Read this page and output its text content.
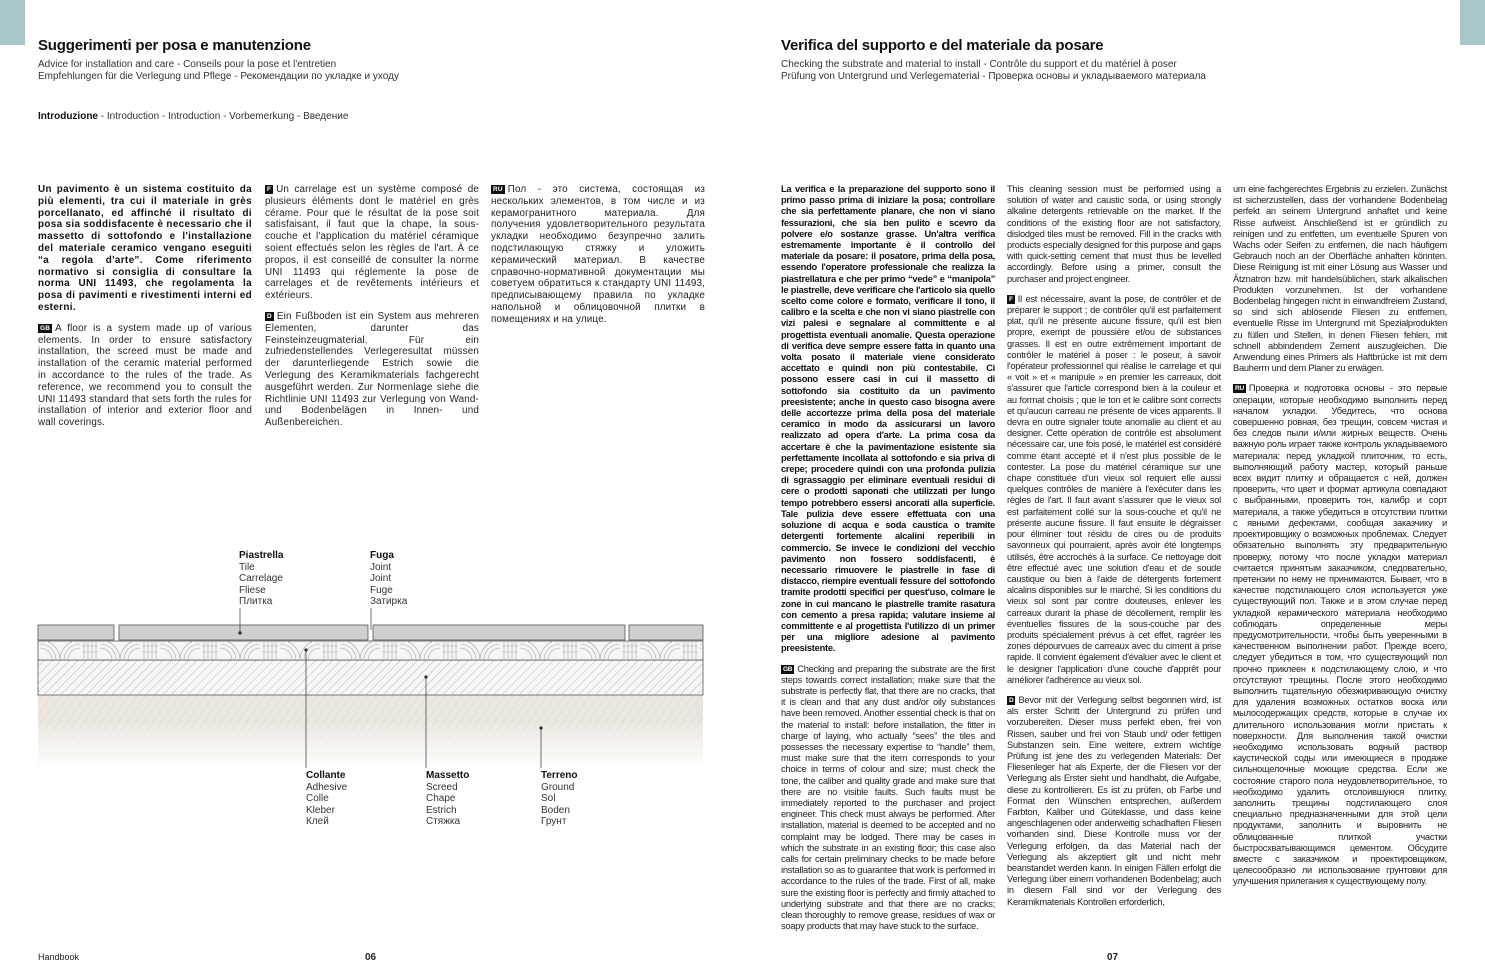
Suggerimenti per posa e manutenzione
Advice for installation and care - Conseils pour la pose et l'entretien
Empfehlungen für die Verlegung und Pflege - Рекомендации по укладке и уходу
Introduzione - Introduction - Introduction - Vorbemerkung - Введение

Un pavimento è un sistema costituito da più elementi, tra cui il materiale in grès porcellanato, ed affinché il risultato di posa sia soddisfacente è necessario che il massetto di sottofondo e l'installazione del materiale ceramico vengano eseguiti “a regola d'arte”. Come riferimento normativo si consiglia di consultare la norma UNI 11493, che regolamenta la posa di pavimenti e rivestimenti interni ed esterni.

GB A floor is a system made up of various elements. In order to ensure satisfactory installation, the screed must be made and installation of the ceramic material performed in accordance to the rules of the trade. As reference, we recommend you to consult the UNI 11493 standard that sets forth the rules for installation of interior and exterior floor and wall coverings.

F Un carrelage est un système composé de plusieurs éléments dont le matériel en grès cérame. Pour que le résultat de la pose soit satisfaisant, il faut que la chape, la sous-couche et l'application du matériel céramique soient effectués selon les règles de l'art. À ce propos, il est conseillé de consulter la norme UNI 11493 qui réglemente la pose de carrelages et de revêtements intérieurs et extérieurs.

D Ein Fußboden ist ein System aus mehreren Elementen, darunter das Feinsteinzeugmaterial. Für ein zufriedenstellendes Verlegeresultat müssen der darunterliegende Estrich sowie die Verlegung des Keramikmaterials fachgerecht ausgeführt werden. Zur Normenlage siehe die Richtlinie UNI 11493 zur Verlegung von Wand- und Bodenbelägen in Innen- und Außenbereichen.

RU Пол - это система, состоящая из нескольких элементов, в том числе и из керамогранитного материала. Для получения удовлетворительного результата укладки необходимо безупречно залить подстилающую стяжку и уложить керамический материал. В качестве справочно-нормативной документации мы советуем обратиться к стандарту UNI 11493, предписывающему правила по укладке напольной и облицовочной плитки в помещениях и на улице.

Piastrella
Tile
Carrelage
Fliese
Плитка
Fuga
Joint
Joint
Fuge
Затирка
Collante
Adhesive
Colle
Kleber
Клей
Massetto
Screed
Chape
Estrich
Стяжка
Terreno
Ground
Sol
Boden
Грунт
Handbook	06
Verifica del supporto e del materiale da posare
Checking the substrate and material to install - Contrôle du support et du matériel à poser
Prüfung von Untergrund und Verlegematerial - Проверка основы и укладываемого материала

La verifica e la preparazione del supporto sono il primo passo prima di iniziare la posa; controllare che sia perfettamente planare, che non vi siano fessurazioni, che sia ben pulito e scevro da polvere e/o sostanze grasse. Un'altra verifica estremamente importante è il controllo del materiale da posare: il posatore, prima della posa, essendo l'operatore professionale che realizza la piastrellatura e che per primo “vede” e “manipola” le piastrelle, deve verificare che l'articolo sia quello scelto come colore e formato, verificare il tono, il calibro e la scelta e che non vi siano piastrelle con vizi palesi e segnalare al committente e al progettista eventuali anomalie. Questa operazione di verifica deve sempre essere fatta in quanto una volta posato il materiale viene considerato accettato e quindi non più contestabile. Ci possono essere casi in cui il massetto di sottofondo sia costituito da un pavimento preesistente; anche in questo caso bisogna avere delle accortezze prima della posa del materiale ceramico in modo da assicurarsi un lavoro realizzato ad opera d'arte. La prima cosa da accertare è che la pavimentazione esistente sia perfettamente incollata al sottofondo e sia priva di crepe; procedere quindi con una profonda pulizia di sgrassaggio per eliminare eventuali residui di cere o prodotti saponati che utilizzati per lungo tempo potrebbero essersi ancorati alla superficie. Tale pulizia deve essere effettuata con una soluzione di acqua e soda caustica o tramite detergenti fortemente alcalini reperibili in commercio. Se invece le condizioni del vecchio pavimento non fossero soddisfacenti, è necessario rimuovere le piastrelle in fase di distacco, riempire eventuali fessure del sottofondo tramite prodotti specifici per quest'uso, colmare le zone in cui mancano le piastrelle tramite rasatura con cemento a presa rapida; valutare insieme al committente e al progettista l'utilizzo di un primer per una migliore adesione al pavimento preesistente.

GB Checking and preparing the substrate are the first steps towards correct installation; make sure that the substrate is perfectly flat, that there are no cracks, that it is clean and that any dust and/or oily substances have been removed. Another essential check is that on the material to install: before installation, the fitter in charge of laying, who actually “sees” the tiles and possesses the necessary expertise to “handle” them, must make sure that the item corresponds to your choice in terms of colour and size; must check the tone, the caliber and quality grade and make sure that there are no visible faults. Such faults must be immediately reported to the purchaser and project engineer. This check must always be performed. After installation, material is deemed to be accepted and no complaint may be lodged. There may be cases in which the substrate in an existing floor; this case also calls for certain preliminary checks to be made before installation so as to guarantee that work is performed in accordance to the rules of the trade. First of all, make sure the existing floor is perfectly and firmly attached to underlying substrate and that there are no cracks; clean thoroughly to remove grease, residues of wax or soapy products that may have stuck to the surface.

This cleaning session must be performed using a solution of water and caustic soda, or using strongly alkaline detergents retrievable on the market. If the conditions of the existing floor are not satisfactory, dislodged tiles must be removed. Fill in the cracks with products especially designed for this purpose and gaps with quick-setting cement that must thus be levelled accordingly. Before using a primer, consult the purchaser and project engineer.

F Il est nécessaire, avant la pose, de contrôler et de préparer le support ; de contrôler qu'il est parfaitement plat, qu'il ne présente aucune fissure, qu'il est bien propre, exempt de poussière et/ou de substances grasses. Il est en outre extrêmement important de contrôler le matériel à poser : le poseur, à savoir l'opérateur professionnel qui réalise le carrelage et qui « voit » et « manipule » en premier les carreaux, doit s'assurer que l'article correspond bien à la couleur et au format choisis ; que le ton et le calibre sont corrects et qu'aucun carreau ne présente de vices apparents. Il devra en outre signaler toute anomalie au client et au designer. Cette opération de contrôle est absolument nécessaire car, une fois posé, le matériel est considéré comme étant accepté et il n'est plus possible de le contester. La pose du matériel céramique sur une chape constituée d'un vieux sol requiert elle aussi quelques contrôles de manière à l'exécuter dans les règles de l'art. Il faut avant s'assurer que le vieux sol est parfaitement collé sur la sous-couche et qu'il ne présente aucune fissure. Il faut ensuite le dégraisser pour éliminer tout résidu de cires ou de produits savonneux qui pourraient, après avoir été longtemps utilisés, être accrochés à la surface. Ce nettoyage doit être effectué avec une solution d'eau et de soude caustique ou bien à l'aide de détergents fortement alcalins disponibles sur le marché. Si les conditions du vieux sol sont par contre douteuses, enlever les carreaux durant la phase de décollement, remplir les éventuelles fissures de la sous-couche par des produits spécialement prévus à cet effet, ragréer les zones dépourvues de carreaux avec du ciment à prise rapide. Il convient également d'évaluer avec le client et le designer l'application d'une couche d'apprêt pour améliorer l'adhérence au vieux sol.

D Bevor mit der Verlegung selbst begonnen wird, ist als erster Schritt der Untergrund zu prüfen und vorzubereiten. Dieser muss perfekt eben, frei von Rissen, sauber und frei von Staub und/ oder fettigen Substanzen sein. Eine weitere, extrem wichtige Prüfung ist jene des zu verlegenden Materials: Der Fliesenleger hat als Experte, der die Fliesen vor der Verlegung als Erster sieht und handhabt, die Aufgabe, diese zu kontrollieren. Es ist zu prüfen, ob Farbe und Format den Wünschen entsprechen, außerdem Farbton, Kaliber und Güteklasse, und dass keine angeschlagenen oder anderweitig schadhaften Fliesen vorhanden sind. Diese Kontrolle muss vor der Verlegung erfolgen, da das Material nach der Verlegung als akzeptiert gilt und nicht mehr beanstandet werden kann. In einigen Fällen erfolgt die Verlegung über einem vorhandenen Bodenbelag; auch in diesem Fall sind vor der Verlegung des Keramikmaterials Kontrollen erforderlich,

um eine fachgerechtes Ergebnis zu erzielen. Zunächst ist sicherzustellen, dass der vorhandene Bodenbelag perfekt an seinem Untergrund anhaftet und keine Risse aufweist. Anschließend ist er gründlich zu reinigen und zu entfetten, um eventuelle Spuren von Wachs oder Seifen zu entfernen, die nach häufigem Gebrauch noch an der Oberfläche anhaften könnten. Diese Reinigung ist mit einer Lösung aus Wasser und Ätznatron bzw. mit handelsüblichen, stark alkalischen Produkten vorzunehmen. Ist der vorhandene Bodenbelag hingegen nicht in einwandfreiem Zustand, so sind sich ablösende Fliesen zu entfernen, eventuelle Risse im Untergrund mit Spezialprodukten zu füllen und Stellen, in denen Fliesen fehlen, mit schnell abbindendem Zement auszugleichen. Die Anwendung eines Primers als Haftbrücke ist mit dem Bauherrn und dem Planer zu erwägen.

RU Проверка и подготовка основы - это первые операции, которые необходимо выполнить перед началом укладки. Убедитесь, что основа совершенно ровная, без трещин, совсем чистая и без следов пыли и/или жирных веществ. Очень важную роль играет также контроль укладываемого материала: перед укладкой плиточник, то есть, выполняющий работу мастер, который раньше всех видит плитку и обращается с ней, должен проверить, что цвет и формат артикула совпадают с выбранными, проверить тон, калибр и сорт материала, а также убедиться в отсутствии плитки с явными дефектами, сообщая заказчику и проектировщику о возможных проблемах. Следует обязательно выполнять эту предварительную проверку, потому что после укладки материал считается принятым заказчиком, следовательно, претензии по нему не принимаются. Бывает, что в качестве подстилающего слоя используется уже существующий пол. Также и в этом случае перед укладкой керамического материала необходимо соблюдать определенные меры предусмотрительности, чтобы быть уверенными в качественном выполнении работ. Прежде всего, следует убедиться в том, что существующий пол прочно приклеен к подстилающему слою, и что отсутствуют трещины. После этого необходимо выполнить тщательную обезжиривающую очистку для удаления возможных остатков воска или мылосодержащих средств, которые в случае их длительного использования могли пристать к поверхности. Для выполнения такой очистки необходимо использовать водный раствор каустической соды или имеющиеся в продаже сильнощелочные моющие средства. Если же состояние старого пола неудовлетворительное, то необходимо удалить отслоившуюся плитку, заполнить трещины подстилающего слоя специально предназначенными для этой цели продуктами, заполнить и выровнить не облицованные плиткой участки быстросхватывающимся цементом. Обсудите вместе с заказчиком и проектировщиком, целесообразно ли использование грунтовки для улучшения прилегания к существующему полу.

07
